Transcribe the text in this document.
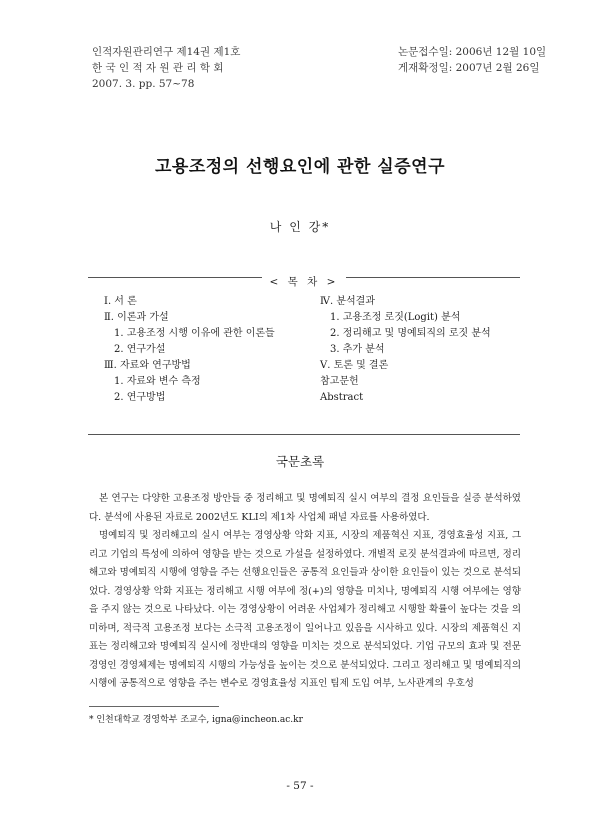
인적자원관리연구 제14권 제1호
한 국 인 적 자 원 관 리 학 회
2007. 3. pp. 57~78
논문접수일: 2006년 12월 10일
게재확정일: 2007년 2월 26일
고용조정의 선행요인에 관한 실증연구
나 인 강*
< 목 차 >
Ⅰ. 서 론
Ⅱ. 이론과 가설
1. 고용조정 시행 이유에 관한 이론들
2. 연구가설
Ⅲ. 자료와 연구방법
1. 자료와 변수 측정
2. 연구방법
Ⅳ. 분석결과
1. 고용조정 로짓(Logit) 분석
2. 정리해고 및 명예퇴직의 로짓 분석
3. 추가 분석
Ⅴ. 토론 및 결론
참고문헌
Abstract
국문초록

본 연구는 다양한 고용조정 방안들 중 정리해고 및 명예퇴직 실시 여부의 결정 요인들을 실증 분석하였다. 분석에 사용된 자료로 2002년도 KLI의 제1차 사업체 패널 자료를 사용하였다.

명예퇴직 및 정리해고의 실시 여부는 경영상황 악화 지표, 시장의 제품혁신 지표, 경영효율성 지표, 그리고 기업의 특성에 의하여 영향을 받는 것으로 가설을 설정하였다. 개별적 로짓 분석결과에 따르면, 정리해고와 명예퇴직 시행에 영향을 주는 선행요인들은 공통적 요인들과 상이한 요인들이 있는 것으로 분석되었다. 경영상황 악화 지표는 정리해고 시행 여부에 정(+)의 영향을 미치나, 명예퇴직 시행 여부에는 영향을 주지 않는 것으로 나타났다. 이는 경영상황이 어려운 사업체가 정리해고 시행할 확률이 높다는 것을 의미하며, 적극적 고용조정 보다는 소극적 고용조정이 일어나고 있음을 시사하고 있다. 시장의 제품혁신 지표는 정리해고와 명예퇴직 실시에 정반대의 영향을 미치는 것으로 분석되었다. 기업 규모의 효과 및 전문경영인 경영체제는 명예퇴직 시행의 가능성을 높이는 것으로 분석되었다. 그리고 정리해고 및 명예퇴직의 시행에 공통적으로 영향을 주는 변수로 경영효율성 지표인 팀제 도입 여부, 노사관계의 우호성

* 인천대학교 경영학부 조교수, igna@incheon.ac.kr
- 57 -
